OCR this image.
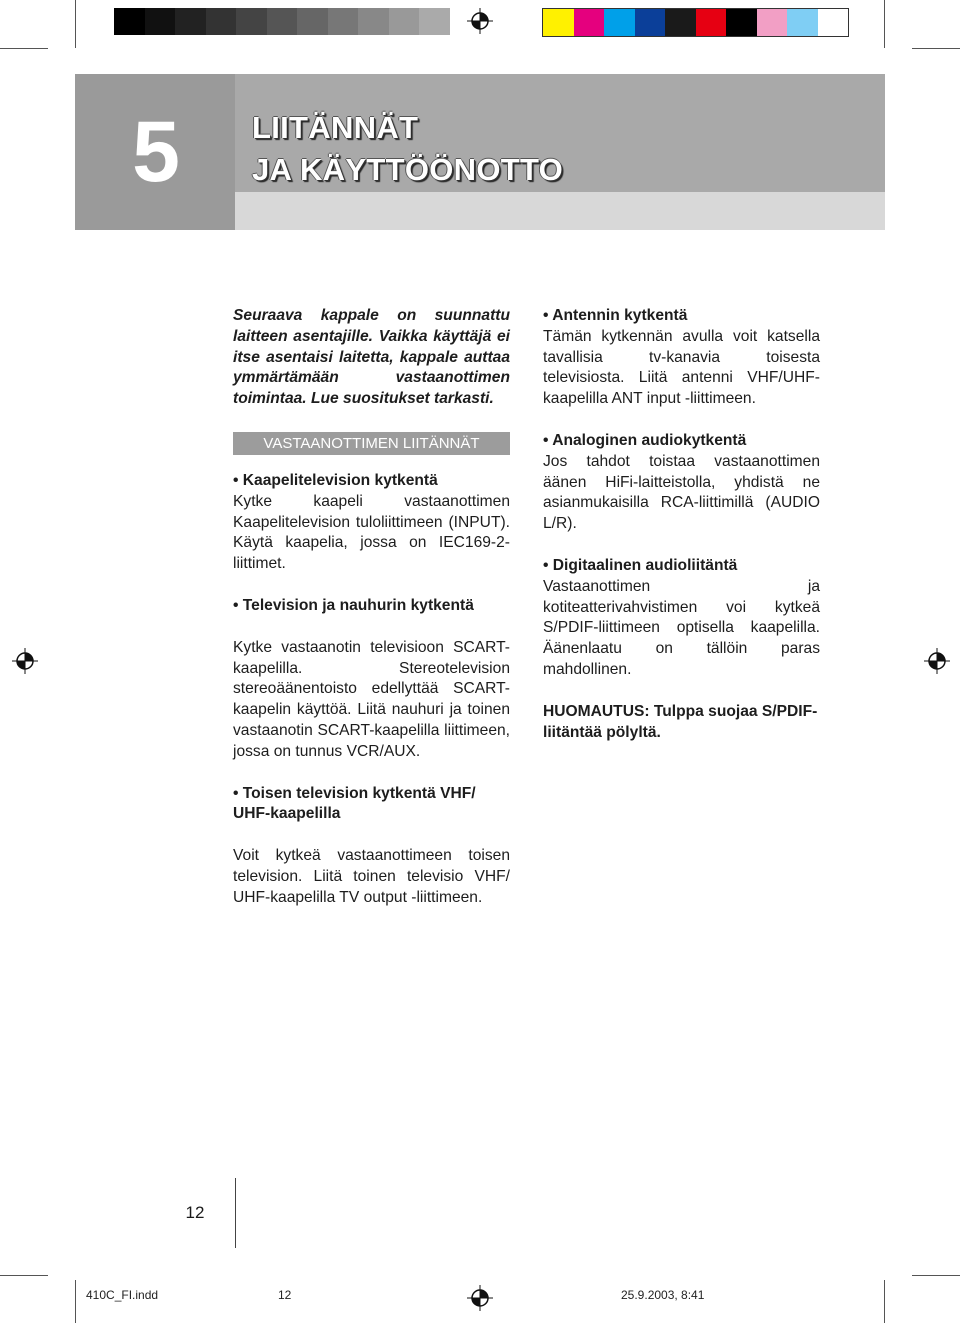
5	LIITÄNNÄT
JA KÄYTTÖÖNOTTO

Seuraava kappale on suunnattu laitteen asentajille. Vaikka käyttäjä ei itse asentaisi laitetta, kappale auttaa ymmärtämään vastaanottimen toimintaa. Lue suositukset tarkasti.

VASTAANOTTIMEN LIITÄNNÄT

• Kaapelitelevision kytkentä

Kytke kaapeli vastaanottimen Kaapelitelevision tuloliittimeen (INPUT). Käytä kaapelia, jossa on IEC169-2-liittimet.

• Television ja nauhurin kytkentä

Kytke vastaanotin televisioon SCART-kaapelilla. Stereotelevision stereoäänentoisto edellyttää SCART-kaapelin käyttöä. Liitä nauhuri ja toinen vastaanotin SCART-kaapelilla liittimeen, jossa on tunnus VCR/AUX.

• Toisen television kytkentä VHF/ UHF-kaapelilla

Voit kytkeä vastaanottimeen toisen television. Liitä toinen televisio VHF/ UHF-kaapelilla TV output -liittimeen.

• Antennin kytkentä

Tämän kytkennän avulla voit katsella tavallisia tv-kanavia toisesta televisiosta. Liitä antenni VHF/UHF-kaapelilla ANT input -liittimeen.

• Analoginen audiokytkentä

Jos tahdot toistaa vastaanottimen äänen HiFi-laitteistolla, yhdistä ne asianmukaisilla RCA-liittimillä (AUDIO L/R).

• Digitaalinen audioliitäntä

Vastaanottimen ja kotiteatterivahvistimen voi kytkeä S/PDIF-liittimeen optisella kaapelilla. Äänenlaatu on tällöin paras mahdollinen.

HUOMAUTUS: Tulppa suojaa S/PDIF-liitäntää pölyltä.

12
410C_FI.indd	12	25.9.2003, 8:41
